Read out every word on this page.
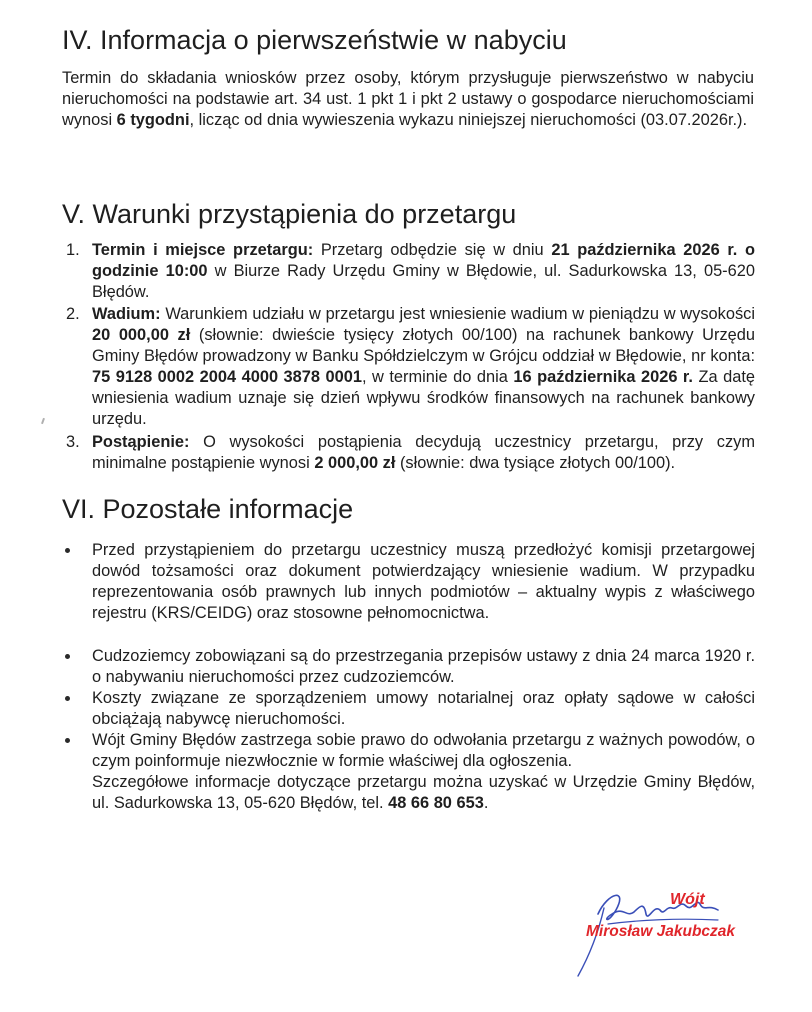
IV. Informacja o pierwszeństwie w nabyciu

Termin do składania wniosków przez osoby, którym przysługuje pierwszeństwo w nabyciu nieruchomości na podstawie art. 34 ust. 1 pkt 1 i pkt 2 ustawy o gospodarce nieruchomościami wynosi 6 tygodni, licząc od dnia wywieszenia wykazu niniejszej nieruchomości (03.07.2026r.).

V. Warunki przystąpienia do przetargu
1. Termin i miejsce przetargu: Przetarg odbędzie się w dniu 21 października 2026 r. o godzinie 10:00 w Biurze Rady Urzędu Gminy w Błędowie, ul. Sadurkowska 13, 05-620 Błędów.
2. Wadium: Warunkiem udziału w przetargu jest wniesienie wadium w pieniądzu w wysokości 20 000,00 zł (słownie: dwieście tysięcy złotych 00/100) na rachunek bankowy Urzędu Gminy Błędów prowadzony w Banku Spółdzielczym w Grójcu oddział w Błędowie, nr konta: 75 9128 0002 2004 4000 3878 0001, w terminie do dnia 16 października 2026 r. Za datę wniesienia wadium uznaje się dzień wpływu środków finansowych na rachunek bankowy urzędu.
3. Postąpienie: O wysokości postąpienia decydują uczestnicy przetargu, przy czym minimalne postąpienie wynosi 2 000,00 zł (słownie: dwa tysiące złotych 00/100).
VI. Pozostałe informacje
Przed przystąpieniem do przetargu uczestnicy muszą przedłożyć komisji przetargowej dowód tożsamości oraz dokument potwierdzający wniesienie wadium. W przypadku reprezentowania osób prawnych lub innych podmiotów – aktualny wypis z właściwego rejestru (KRS/CEIDG) oraz stosowne pełnomocnictwa.
Cudzoziemcy zobowiązani są do przestrzegania przepisów ustawy z dnia 24 marca 1920 r. o nabywaniu nieruchomości przez cudzoziemców.
Koszty związane ze sporządzeniem umowy notarialnej oraz opłaty sądowe w całości obciążają nabywcę nieruchomości.
Wójt Gminy Błędów zastrzega sobie prawo do odwołania przetargu z ważnych powodów, o czym poinformuje niezwłocznie w formie właściwej dla ogłoszenia.
Szczegółowe informacje dotyczące przetargu można uzyskać w Urzędzie Gminy Błędów, ul. Sadurkowska 13, 05-620 Błędów, tel. 48 66 80 653.
Wójt
Mirosław Jakubczak
